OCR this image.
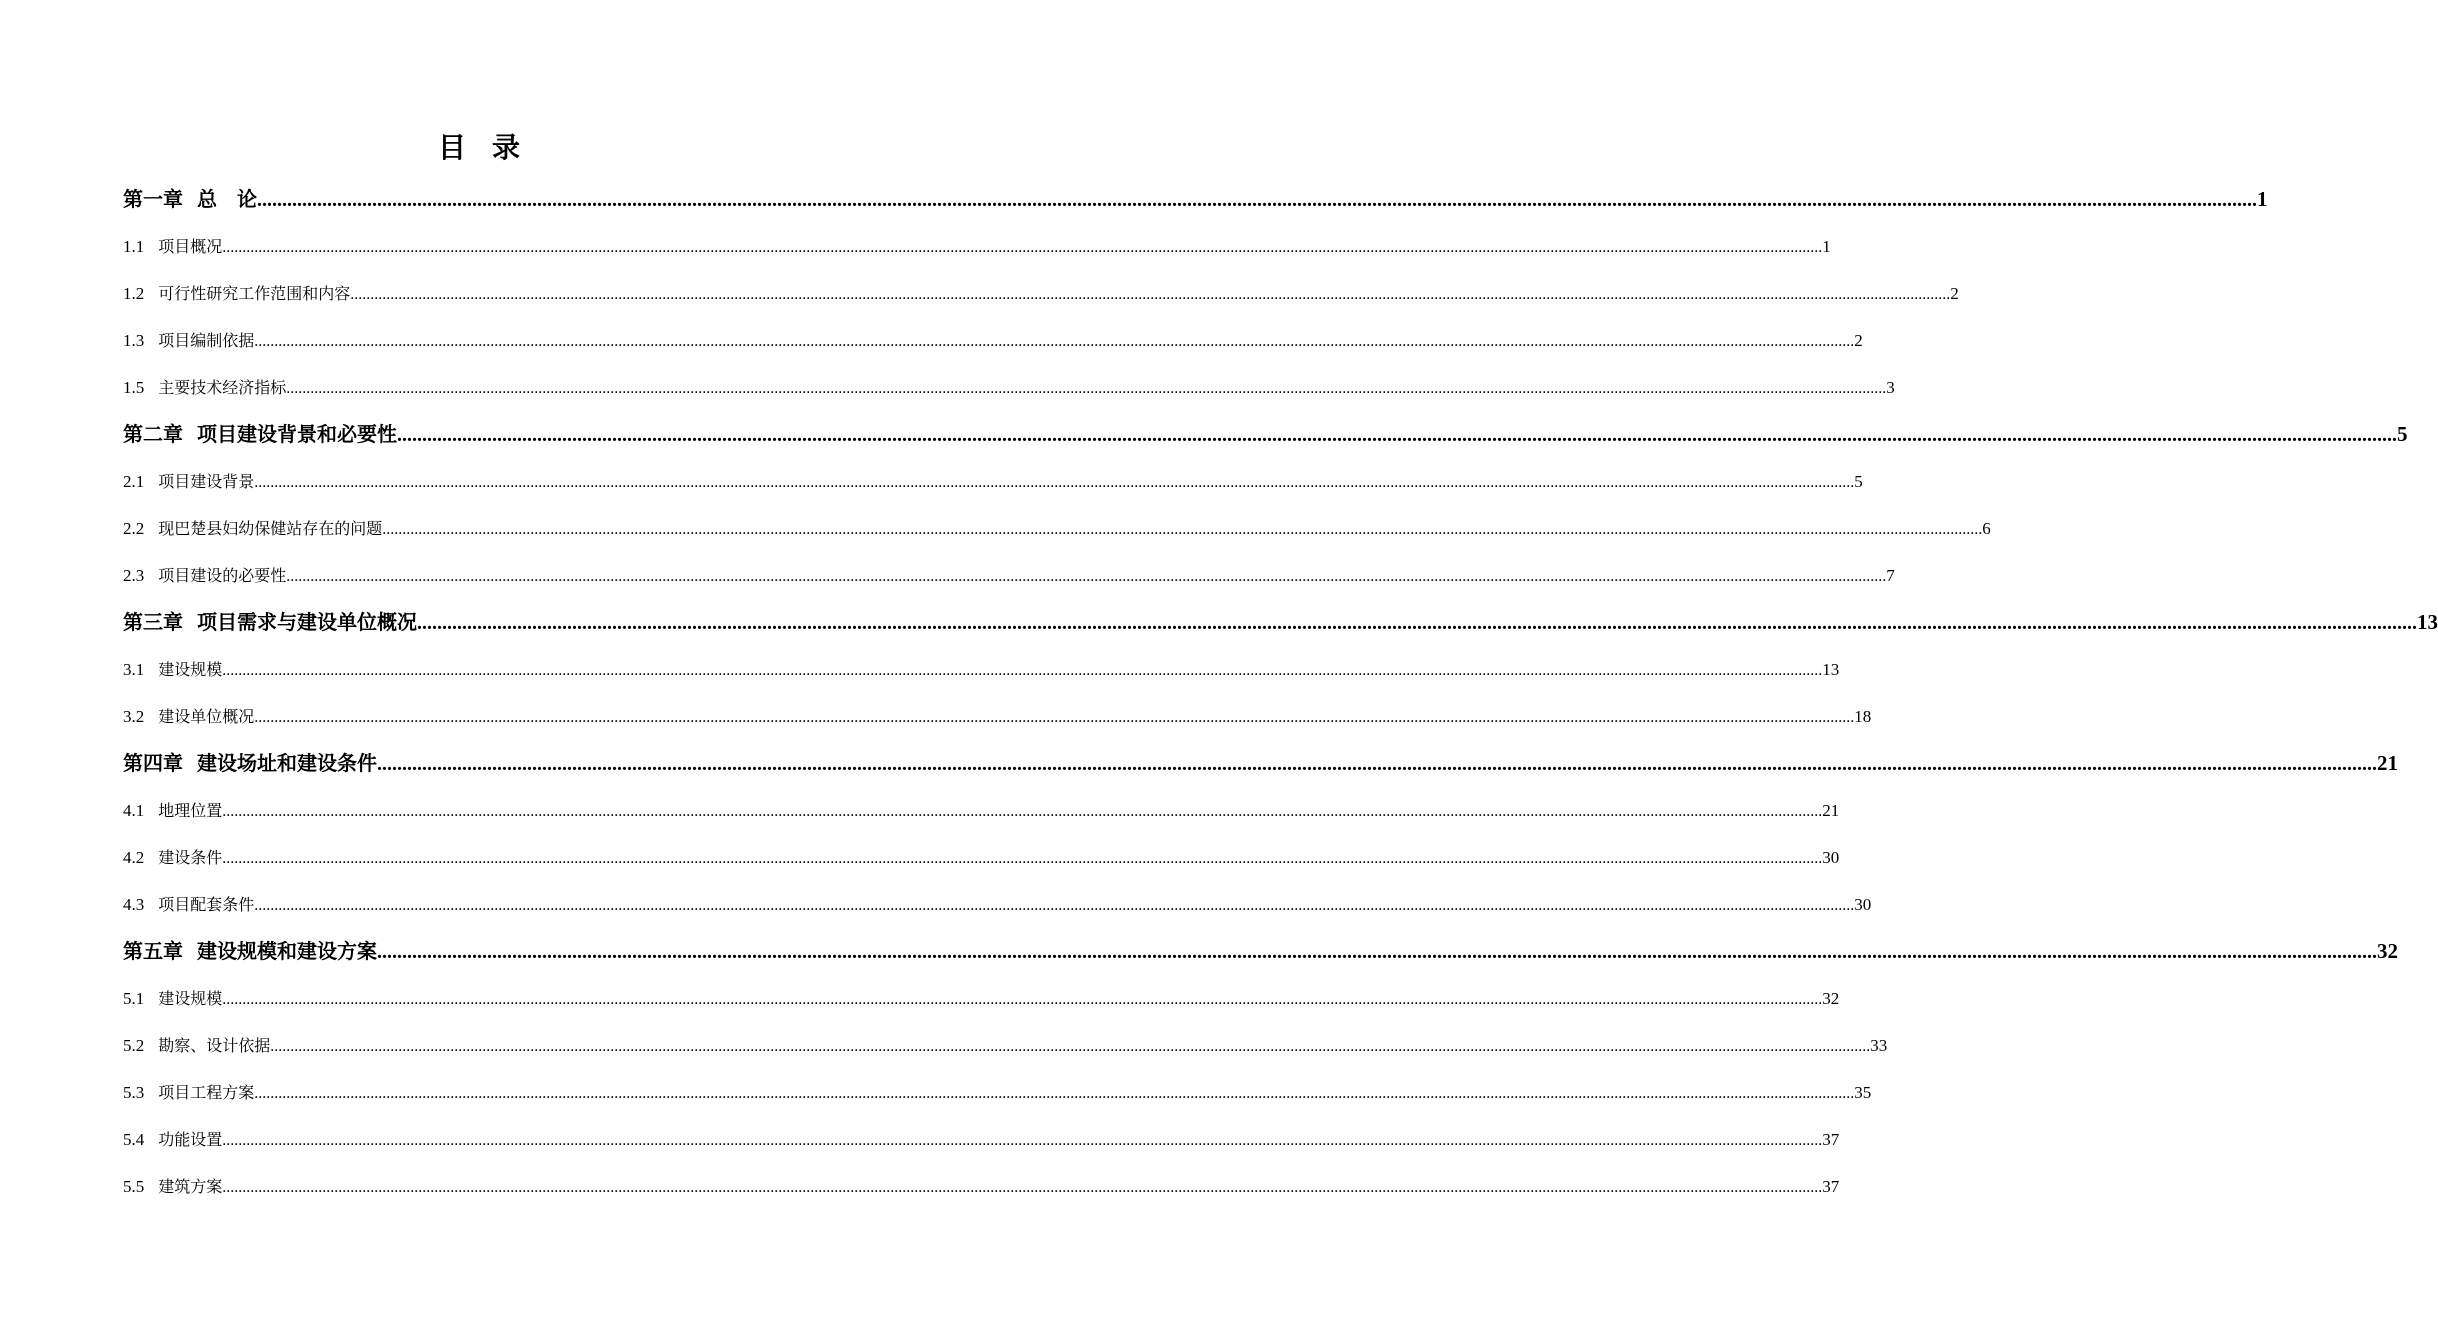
目 录
第一章 总　论 ................................................................................................................................................................................................................................................................................................................................................................................................................ 1
1.1 项目概况 ................................................................................................................................................................................................................................................................................................................................................................................................................ 1
1.2 可行性研究工作范围和内容 ................................................................................................................................................................................................................................................................................................................................................................................................................ 2
1.3 项目编制依据 ................................................................................................................................................................................................................................................................................................................................................................................................................ 2
1.5 主要技术经济指标 ................................................................................................................................................................................................................................................................................................................................................................................................................ 3
第二章 项目建设背景和必要性 ................................................................................................................................................................................................................................................................................................................................................................................................................ 5
2.1 项目建设背景 ................................................................................................................................................................................................................................................................................................................................................................................................................ 5
2.2 现巴楚县妇幼保健站存在的问题 ................................................................................................................................................................................................................................................................................................................................................................................................................ 6
2.3 项目建设的必要性 ................................................................................................................................................................................................................................................................................................................................................................................................................ 7
第三章 项目需求与建设单位概况 ................................................................................................................................................................................................................................................................................................................................................................................................................ 13
3.1 建设规模 ................................................................................................................................................................................................................................................................................................................................................................................................................ 13
3.2 建设单位概况 ................................................................................................................................................................................................................................................................................................................................................................................................................ 18
第四章 建设场址和建设条件 ................................................................................................................................................................................................................................................................................................................................................................................................................ 21
4.1 地理位置 ................................................................................................................................................................................................................................................................................................................................................................................................................ 21
4.2 建设条件 ................................................................................................................................................................................................................................................................................................................................................................................................................ 30
4.3 项目配套条件 ................................................................................................................................................................................................................................................................................................................................................................................................................ 30
第五章 建设规模和建设方案 ................................................................................................................................................................................................................................................................................................................................................................................................................ 32
5.1 建设规模 ................................................................................................................................................................................................................................................................................................................................................................................................................ 32
5.2 勘察、设计依据 ................................................................................................................................................................................................................................................................................................................................................................................................................ 33
5.3 项目工程方案 ................................................................................................................................................................................................................................................................................................................................................................................................................ 35
5.4 功能设置 ................................................................................................................................................................................................................................................................................................................................................................................................................ 37
5.5 建筑方案 ................................................................................................................................................................................................................................................................................................................................................................................................................ 37
